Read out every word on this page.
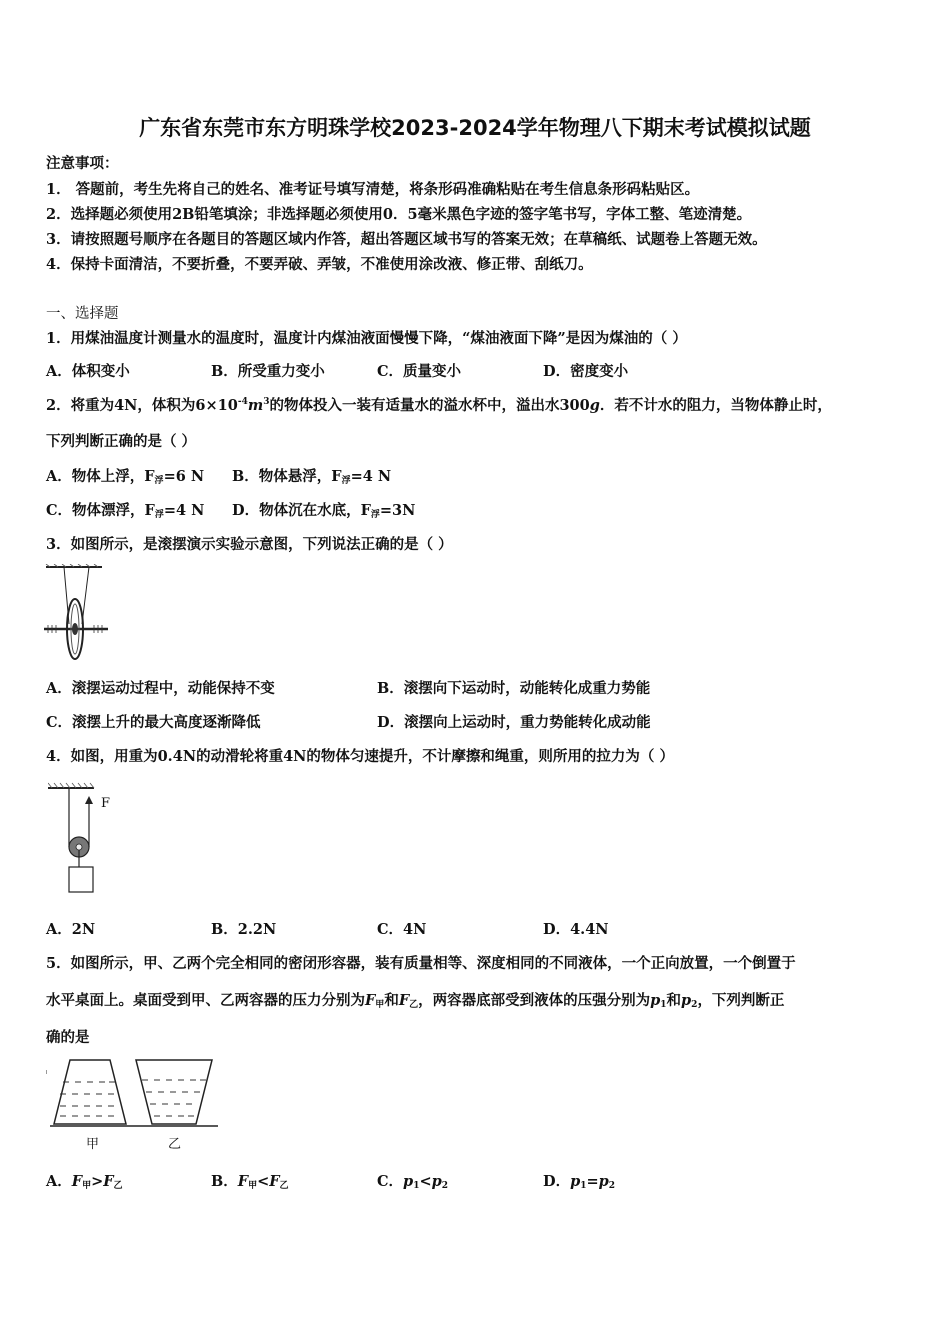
广东省东莞市东方明珠学校2023-2024学年物理八下期末考试模拟试题
注意事项：
1． 答题前，考生先将自己的姓名、准考证号填写清楚，将条形码准确粘贴在考生信息条形码粘贴区。
2．选择题必须使用2B铅笔填涂；非选择题必须使用0．5毫米黑色字迹的签字笔书写，字体工整、笔迹清楚。
3．请按照题号顺序在各题目的答题区域内作答，超出答题区域书写的答案无效；在草稿纸、试题卷上答题无效。
4．保持卡面清洁，不要折叠，不要弄破、弄皱，不准使用涂改液、修正带、刮纸刀。
一、选择题
1．用煤油温度计测量水的温度时，温度计内煤油液面慢慢下降，“煤油液面下降”是因为煤油的（ ）
A．体积变小	B．所受重力变小	C．质量变小	D．密度变小
2．将重为4N，体积为$6\times 10^{-4}m^3$的物体投入一装有适量水的溢水杯中，溢出水300g．若不计水的阻力，当物体静止时，
下列判断正确的是（ ）
A．物体上浮，$F_浮=6$ N B．物体悬浮，$F_浮=4$ N
C．物体漂浮，$F_浮=4$ N D．物体沉在水底，$F_浮=3N$
3．如图所示，是滚摆演示实验示意图，下列说法正确的是（ ）
A．滚摆运动过程中，动能保持不变	B．滚摆向下运动时，动能转化成重力势能
C．滚摆上升的最大高度逐渐降低	D．滚摆向上运动时，重力势能转化成动能
4．如图，用重为0.4N的动滑轮将重4N的物体匀速提升，不计摩擦和绳重，则所用的拉力为（ ）
F
A．2N	B．2.2N	C．4N	D．4.4N
5．如图所示，甲、乙两个完全相同的密闭形容器，装有质量相等、深度相同的不同液体，一个正向放置，一个倒置于
水平桌面上。桌面受到甲、乙两容器的压力分别为$F_甲$和$F_乙$，两容器底部受到液体的压强分别为$p_1$和$p_2$，下列判断正
确的是
甲	乙
A．$F_甲>F_乙$	B．$F_甲<F_乙$	C．$p_1<p_2$	D．$p_1=p_2$
